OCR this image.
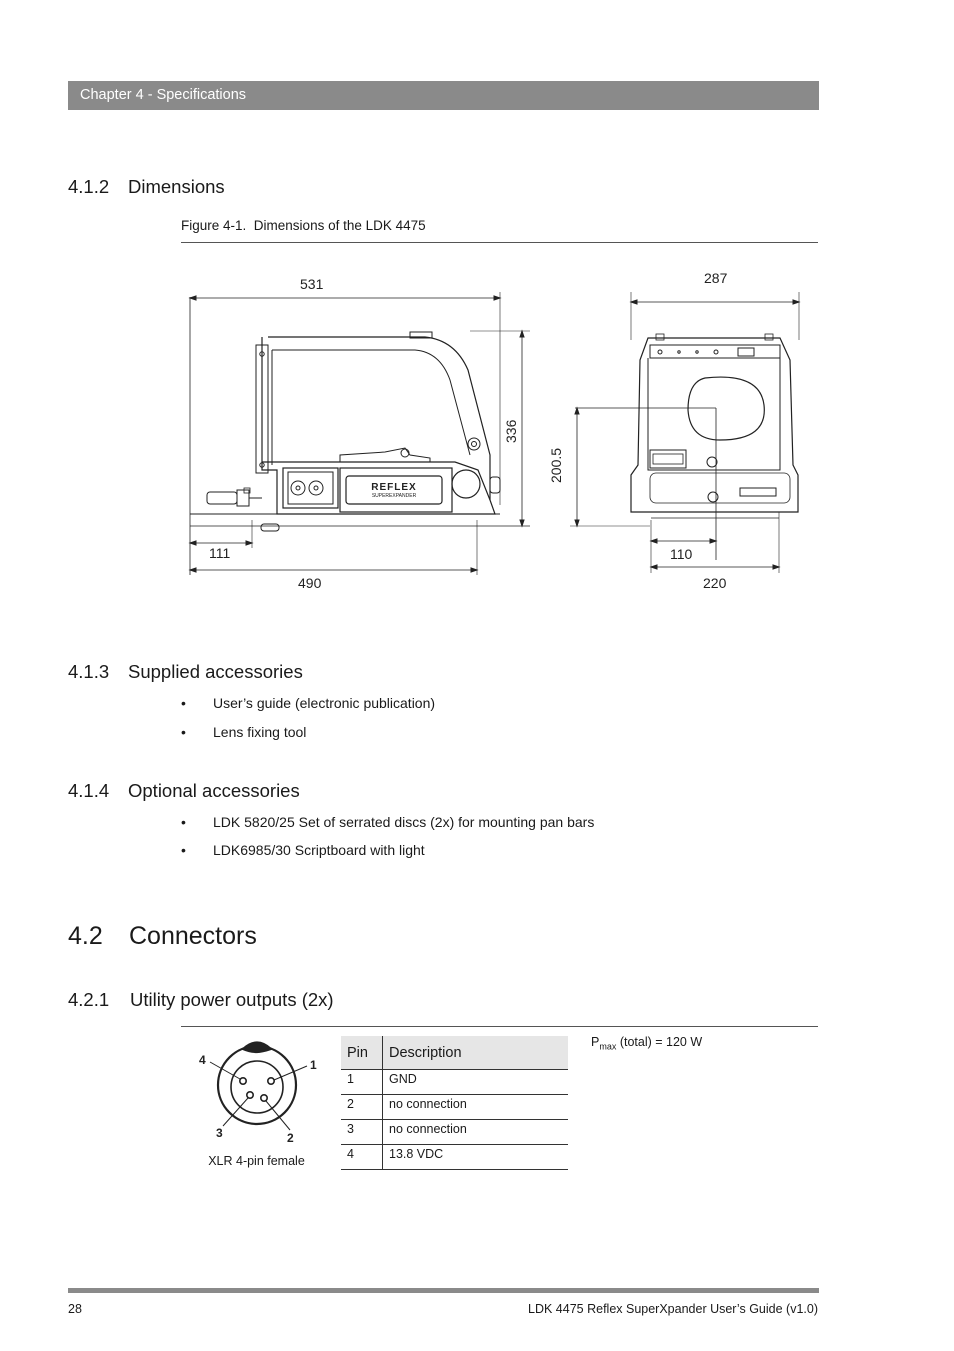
Chapter 4 - Specifications
4.1.2 Dimensions
Figure 4-1. Dimensions of the LDK 4475
531
336
111
490
287
200.5
110
220
REFLEX
SUPEREXPANDER
4.1.3 Supplied accessories
• User’s guide (electronic publication)
• Lens fixing tool
4.1.4 Optional accessories
• LDK 5820/25 Set of serrated discs (2x) for mounting pan bars
• LDK6985/30 Scriptboard with light
4.2 Connectors
4.2.1 Utility power outputs (2x)
4	1
3	2
XLR 4-pin female
Pin	Description
1	GND
2	no connection
3	no connection
4	13.8 VDC
$P_{max}$ (total) = 120 W
28	LDK 4475 Reflex SuperXpander User’s Guide (v1.0)
